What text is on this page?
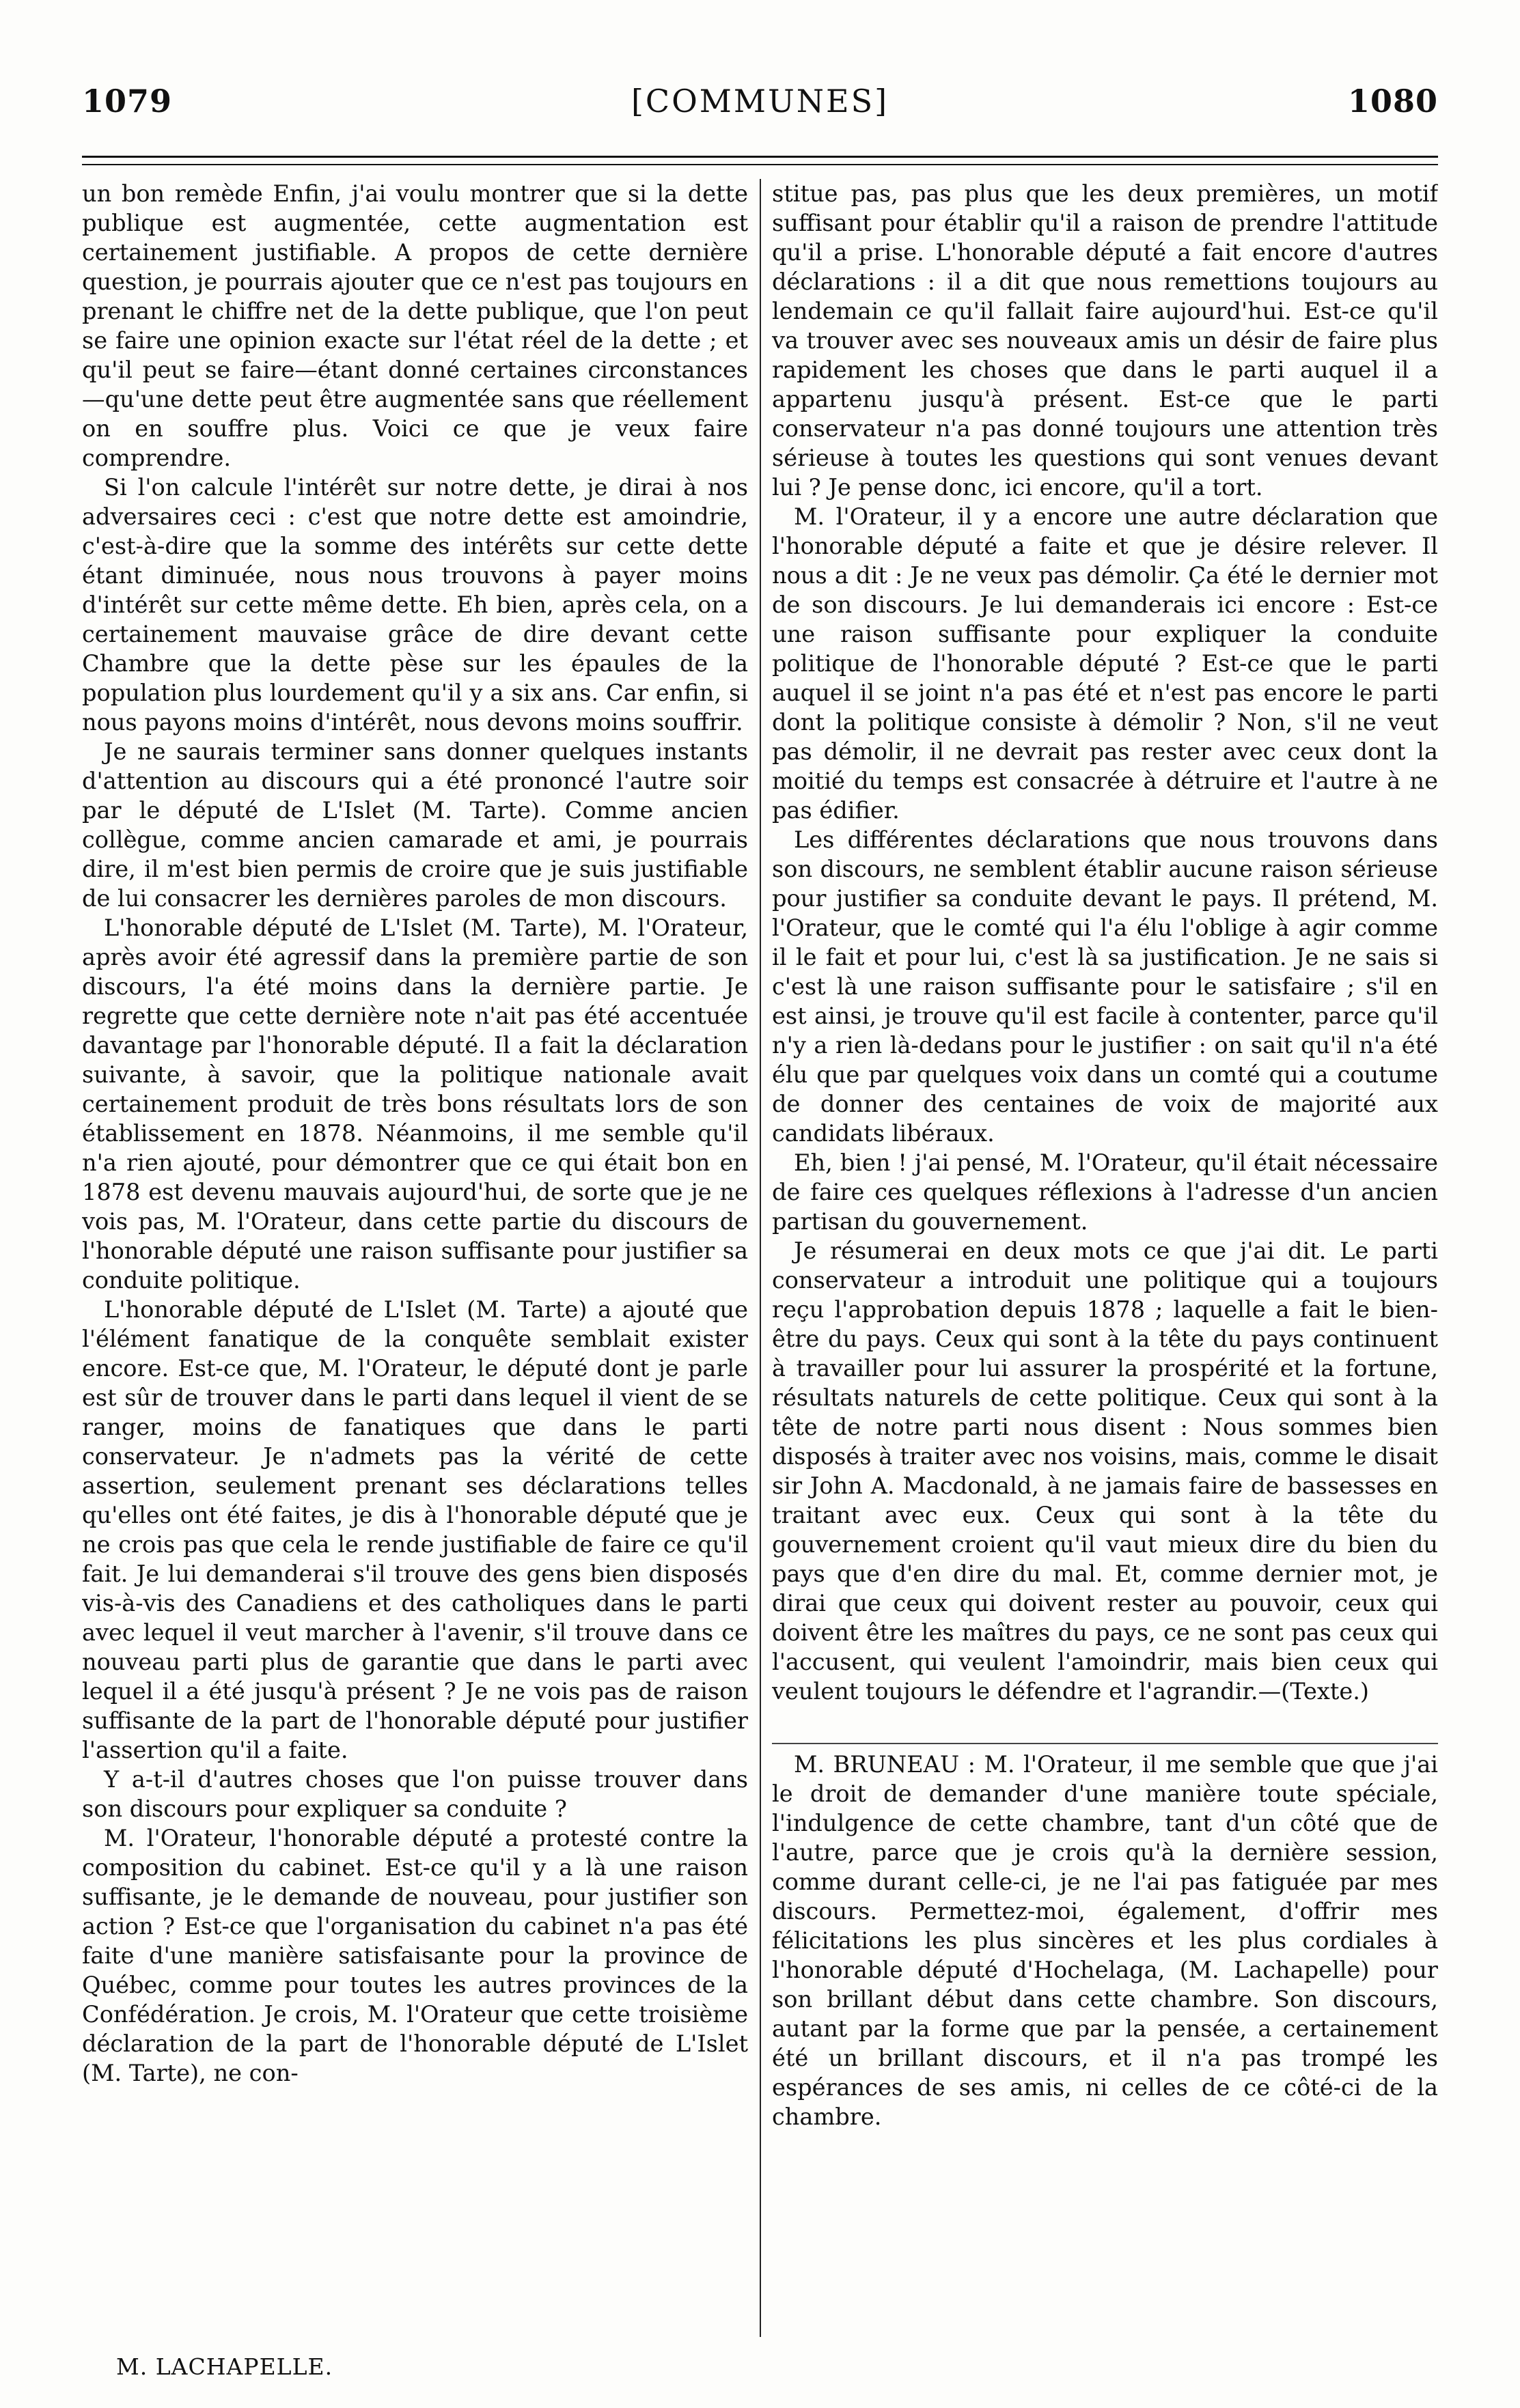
1079	[COMMUNES]	1080

un bon remède Enfin, j'ai voulu montrer que si la dette publique est augmentée, cette augmentation est certainement justifiable. A propos de cette dernière question, je pourrais ajouter que ce n'est pas toujours en prenant le chiffre net de la dette publique, que l'on peut se faire une opinion exacte sur l'état réel de la dette ; et qu'il peut se faire—étant donné certaines circonstances—qu'une dette peut être augmentée sans que réellement on en souffre plus. Voici ce que je veux faire comprendre.

Si l'on calcule l'intérêt sur notre dette, je dirai à nos adversaires ceci : c'est que notre dette est amoindrie, c'est-à-dire que la somme des intérêts sur cette dette étant diminuée, nous nous trouvons à payer moins d'intérêt sur cette même dette. Eh bien, après cela, on a certainement mauvaise grâce de dire devant cette Chambre que la dette pèse sur les épaules de la population plus lourdement qu'il y a six ans. Car enfin, si nous payons moins d'intérêt, nous devons moins souffrir.

Je ne saurais terminer sans donner quelques instants d'attention au discours qui a été prononcé l'autre soir par le député de L'Islet (M. Tarte). Comme ancien collègue, comme ancien camarade et ami, je pourrais dire, il m'est bien permis de croire que je suis justifiable de lui consacrer les dernières paroles de mon discours.

L'honorable député de L'Islet (M. Tarte), M. l'Orateur, après avoir été agressif dans la première partie de son discours, l'a été moins dans la dernière partie. Je regrette que cette dernière note n'ait pas été accentuée davantage par l'honorable député. Il a fait la déclaration suivante, à savoir, que la politique nationale avait certainement produit de très bons résultats lors de son établissement en 1878. Néanmoins, il me semble qu'il n'a rien ajouté, pour démontrer que ce qui était bon en 1878 est devenu mauvais aujourd'hui, de sorte que je ne vois pas, M. l'Orateur, dans cette partie du discours de l'honorable député une raison suffisante pour justifier sa conduite politique.

L'honorable député de L'Islet (M. Tarte) a ajouté que l'élément fanatique de la conquête semblait exister encore. Est-ce que, M. l'Orateur, le député dont je parle est sûr de trouver dans le parti dans lequel il vient de se ranger, moins de fanatiques que dans le parti conservateur. Je n'admets pas la vérité de cette assertion, seulement prenant ses déclarations telles qu'elles ont été faites, je dis à l'honorable député que je ne crois pas que cela le rende justifiable de faire ce qu'il fait. Je lui demanderai s'il trouve des gens bien disposés vis-à-vis des Canadiens et des catholiques dans le parti avec lequel il veut marcher à l'avenir, s'il trouve dans ce nouveau parti plus de garantie que dans le parti avec lequel il a été jusqu'à présent ? Je ne vois pas de raison suffisante de la part de l'honorable député pour justifier l'assertion qu'il a faite.

Y a-t-il d'autres choses que l'on puisse trouver dans son discours pour expliquer sa conduite ?

M. l'Orateur, l'honorable député a protesté contre la composition du cabinet. Est-ce qu'il y a là une raison suffisante, je le demande de nouveau, pour justifier son action ? Est-ce que l'organisation du cabinet n'a pas été faite d'une manière satisfaisante pour la province de Québec, comme pour toutes les autres provinces de la Confédération. Je crois, M. l'Orateur que cette troisième déclaration de la part de l'honorable député de L'Islet (M. Tarte), ne con-

stitue pas, pas plus que les deux premières, un motif suffisant pour établir qu'il a raison de prendre l'attitude qu'il a prise. L'honorable député a fait encore d'autres déclarations : il a dit que nous remettions toujours au lendemain ce qu'il fallait faire aujourd'hui. Est-ce qu'il va trouver avec ses nouveaux amis un désir de faire plus rapidement les choses que dans le parti auquel il a appartenu jusqu'à présent. Est-ce que le parti conservateur n'a pas donné toujours une attention très sérieuse à toutes les questions qui sont venues devant lui ? Je pense donc, ici encore, qu'il a tort.

M. l'Orateur, il y a encore une autre déclaration que l'honorable député a faite et que je désire relever. Il nous a dit : Je ne veux pas démolir. Ça été le dernier mot de son discours. Je lui demanderais ici encore : Est-ce une raison suffisante pour expliquer la conduite politique de l'honorable député ? Est-ce que le parti auquel il se joint n'a pas été et n'est pas encore le parti dont la politique consiste à démolir ? Non, s'il ne veut pas démolir, il ne devrait pas rester avec ceux dont la moitié du temps est consacrée à détruire et l'autre à ne pas édifier.

Les différentes déclarations que nous trouvons dans son discours, ne semblent établir aucune raison sérieuse pour justifier sa conduite devant le pays. Il prétend, M. l'Orateur, que le comté qui l'a élu l'oblige à agir comme il le fait et pour lui, c'est là sa justification. Je ne sais si c'est là une raison suffisante pour le satisfaire ; s'il en est ainsi, je trouve qu'il est facile à contenter, parce qu'il n'y a rien là-dedans pour le justifier : on sait qu'il n'a été élu que par quelques voix dans un comté qui a coutume de donner des centaines de voix de majorité aux candidats libéraux.

Eh, bien ! j'ai pensé, M. l'Orateur, qu'il était nécessaire de faire ces quelques réflexions à l'adresse d'un ancien partisan du gouvernement.

Je résumerai en deux mots ce que j'ai dit. Le parti conservateur a introduit une politique qui a toujours reçu l'approbation depuis 1878 ; laquelle a fait le bien-être du pays. Ceux qui sont à la tête du pays continuent à travailler pour lui assurer la prospérité et la fortune, résultats naturels de cette politique. Ceux qui sont à la tête de notre parti nous disent : Nous sommes bien disposés à traiter avec nos voisins, mais, comme le disait sir John A. Macdonald, à ne jamais faire de bassesses en traitant avec eux. Ceux qui sont à la tête du gouvernement croient qu'il vaut mieux dire du bien du pays que d'en dire du mal. Et, comme dernier mot, je dirai que ceux qui doivent rester au pouvoir, ceux qui doivent être les maîtres du pays, ce ne sont pas ceux qui l'accusent, qui veulent l'amoindrir, mais bien ceux qui veulent toujours le défendre et l'agrandir.—(Texte.)

M. BRUNEAU : M. l'Orateur, il me semble que que j'ai le droit de demander d'une manière toute spéciale, l'indulgence de cette chambre, tant d'un côté que de l'autre, parce que je crois qu'à la dernière session, comme durant celle-ci, je ne l'ai pas fatiguée par mes discours. Permettez-moi, également, d'offrir mes félicitations les plus sincères et les plus cordiales à l'honorable député d'Hochelaga, (M. Lachapelle) pour son brillant début dans cette chambre. Son discours, autant par la forme que par la pensée, a certainement été un brillant discours, et il n'a pas trompé les espérances de ses amis, ni celles de ce côté-ci de la chambre.

M. LACHAPELLE.
